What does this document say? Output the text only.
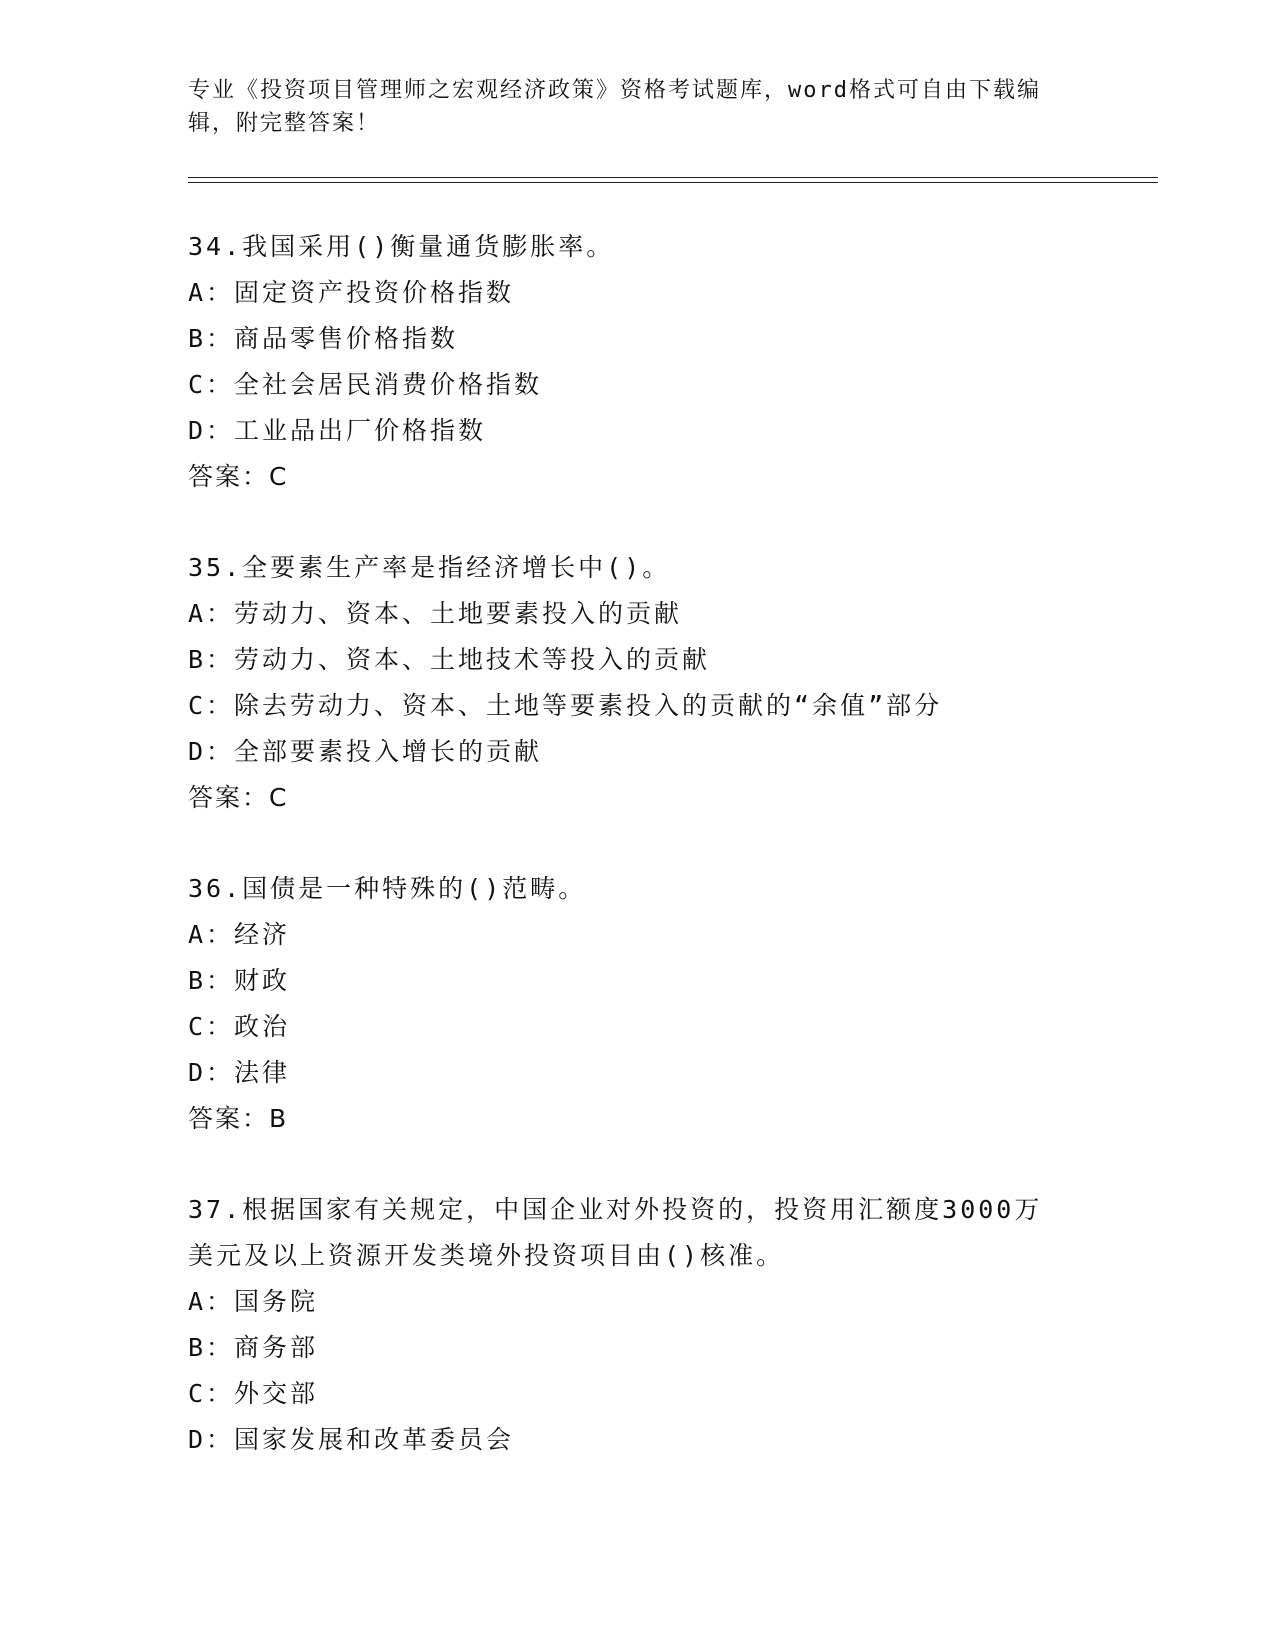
专业《投资项目管理师之宏观经济政策》资格考试题库，word格式可自由下载编
辑，附完整答案！
34.我国采用()衡量通货膨胀率。
A：固定资产投资价格指数
B：商品零售价格指数
C：全社会居民消费价格指数
D：工业品出厂价格指数
答案：C
35.全要素生产率是指经济增长中()。
A：劳动力、资本、土地要素投入的贡献
B：劳动力、资本、土地技术等投入的贡献
C：除去劳动力、资本、土地等要素投入的贡献的“余值”部分
D：全部要素投入增长的贡献
答案：C
36.国债是一种特殊的()范畴。
A：经济
B：财政
C：政治
D：法律
答案：B
37.根据国家有关规定，中国企业对外投资的，投资用汇额度3000万
美元及以上资源开发类境外投资项目由()核准。
A：国务院
B：商务部
C：外交部
D：国家发展和改革委员会
